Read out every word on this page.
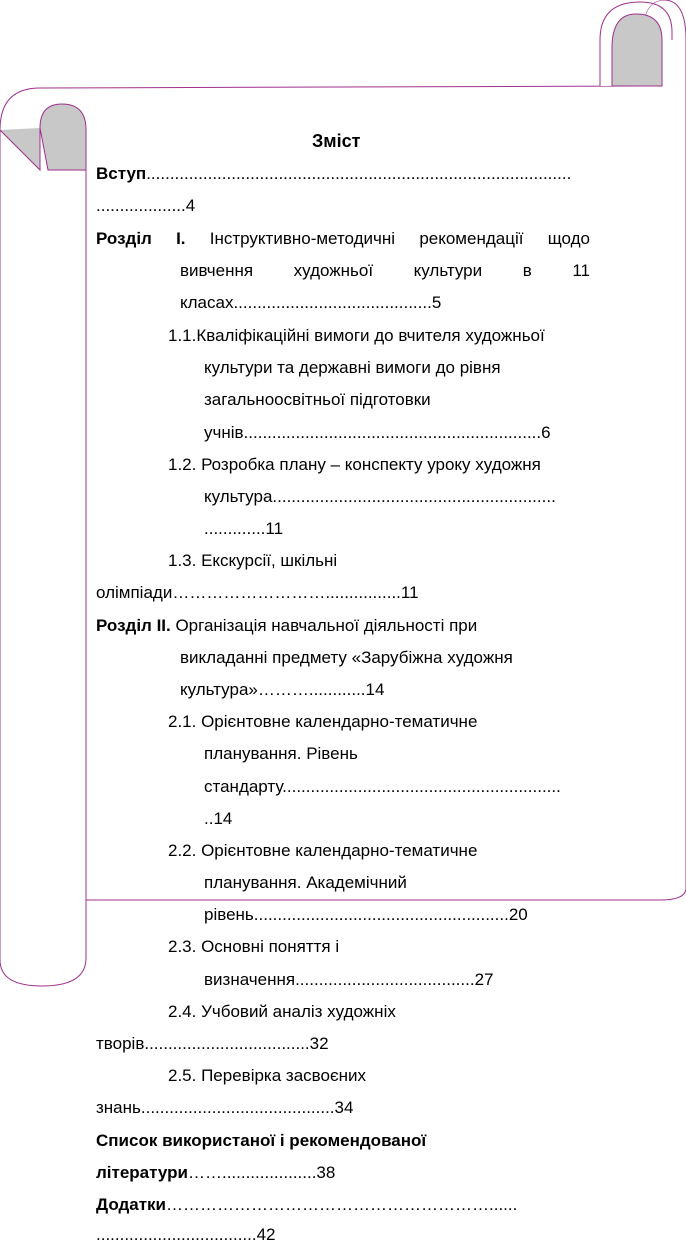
Зміст
Вступ..........................................................................................
...................4
Розділ І. Інструктивно-методичні рекомендації щодо
вивчення художньої культури в 11
класах..........................................5
1.1.Кваліфікаційні вимоги до вчителя художньої
культури та державні вимоги до рівня
загальноосвітньої підготовки
учнів...............................................................6
1.2. Розробка плану – конспекту уроку художня
культура............................................................
.............11
1.3. Екскурсії, шкільні
олімпіади………………………................11
Розділ ІІ. Організація навчальної діяльності при
викладанні предмету «Зарубіжна художня
культура»………............14
2.1. Орієнтовне календарно-тематичне
планування. Рівень
стандарту...........................................................
..14
2.2. Орієнтовне календарно-тематичне
планування. Академічний
рівень......................................................20
2.3. Основні поняття і
визначення......................................27
2.4. Учбовий аналіз художніх
творів...................................32
2.5. Перевірка засвоєних
знань.........................................34
Список використаної і рекомендованої
літератури……....................38
Додатки…………………………………………………......
..................................42
